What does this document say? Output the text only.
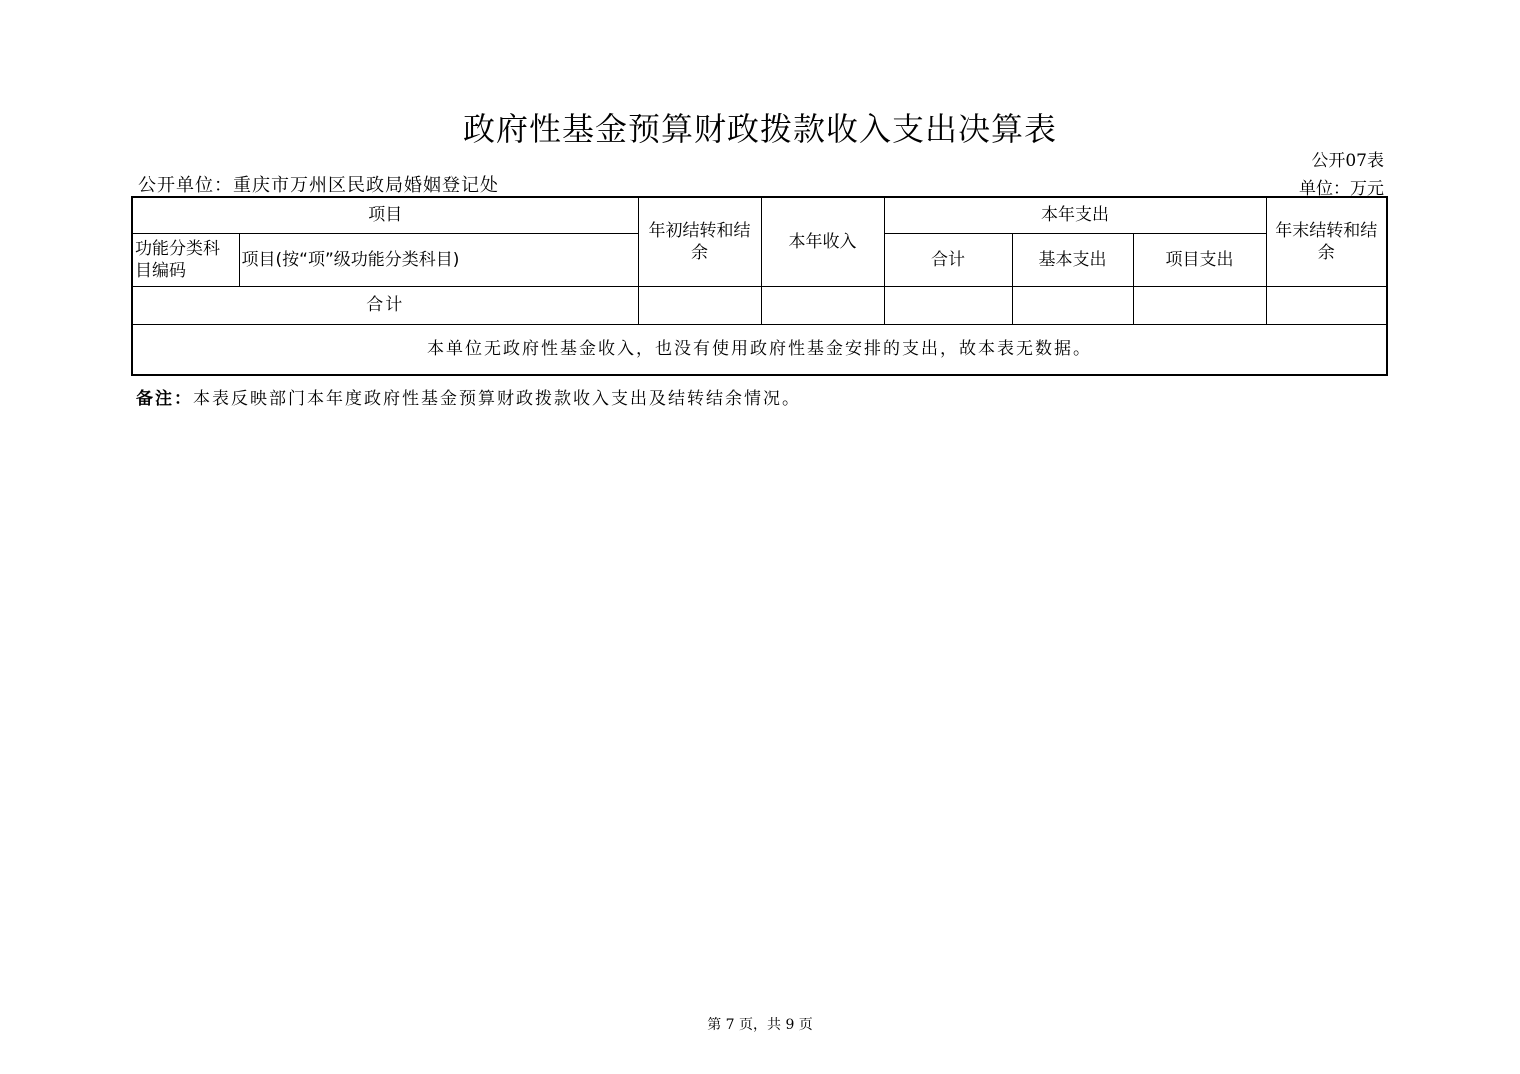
政府性基金预算财政拨款收入支出决算表
公开07表
公开单位：重庆市万州区民政局婚姻登记处	单位：万元
项目		年初结转和结余	本年收入	本年支出			年末结转和结余
功能分类科目编码	项目(按“项”级功能分类科目)			合计	基本支出	项目支出	
合计							
本单位无政府性基金收入，也没有使用政府性基金安排的支出，故本表无数据。							
备注：本表反映部门本年度政府性基金预算财政拨款收入支出及结转结余情况。
第 7 页，共 9 页
